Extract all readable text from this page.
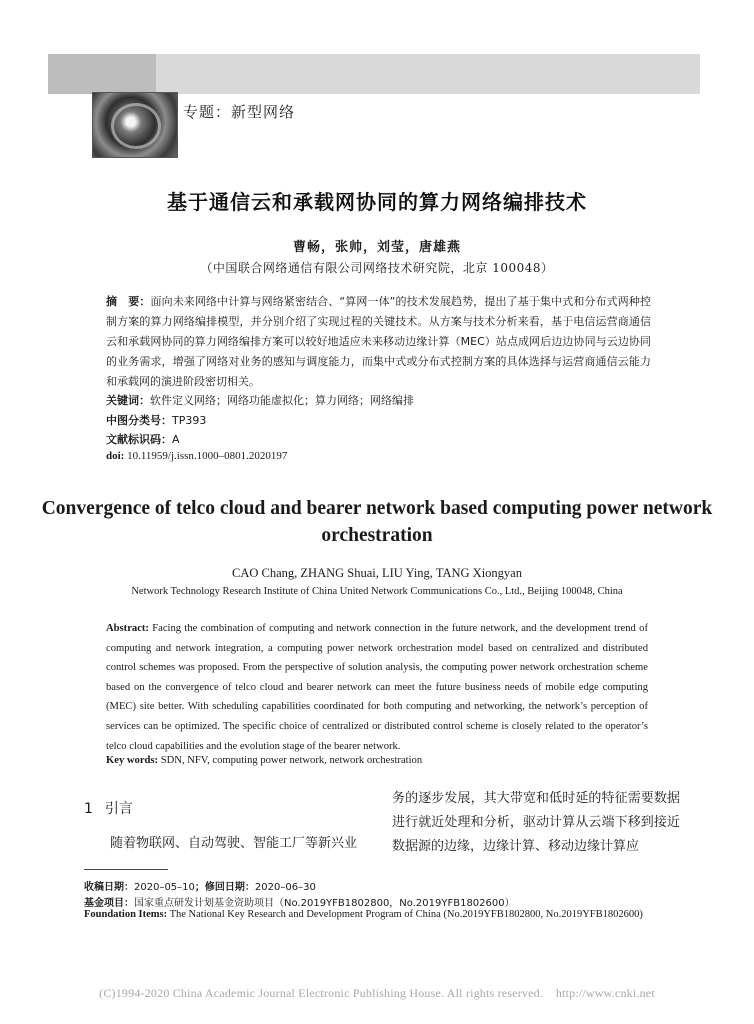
专题：新型网络
基于通信云和承载网协同的算力网络编排技术
曹畅，张帅，刘莹，唐雄燕
（中国联合网络通信有限公司网络技术研究院，北京 100048）
摘　要：面向未来网络中计算与网络紧密结合、“算网一体”的技术发展趋势，提出了基于集中式和分布式两种控制方案的算力网络编排模型，并分别介绍了实现过程的关键技术。从方案与技术分析来看，基于电信运营商通信云和承载网协同的算力网络编排方案可以较好地适应未来移动边缘计算（MEC）站点成网后边边协同与云边协同的业务需求，增强了网络对业务的感知与调度能力，而集中式或分布式控制方案的具体选择与运营商通信云能力和承载网的演进阶段密切相关。
关键词：软件定义网络；网络功能虚拟化；算力网络；网络编排
中图分类号：TP393
文献标识码：A
doi: 10.11959/j.issn.1000–0801.2020197
Convergence of telco cloud and bearer network based computing power network orchestration
CAO Chang, ZHANG Shuai, LIU Ying, TANG Xiongyan
Network Technology Research Institute of China United Network Communications Co., Ltd., Beijing 100048, China
Abstract: Facing the combination of computing and network connection in the future network, and the development trend of computing and network integration, a computing power network orchestration model based on centralized and distributed control schemes was proposed. From the perspective of solution analysis, the computing power network orchestration scheme based on the convergence of telco cloud and bearer network can meet the future business needs of mobile edge computing (MEC) site better. With scheduling capabilities coordinated for both computing and networking, the network’s perception of services can be optimized. The specific choice of centralized or distributed control scheme is closely related to the operator’s telco cloud capabilities and the evolution stage of the bearer network.
Key words: SDN, NFV, computing power network, network orchestration
1 引言
随着物联网、自动驾驶、智能工厂等新兴业
务的逐步发展，其大带宽和低时延的特征需要数据进行就近处理和分析，驱动计算从云端下移到接近数据源的边缘，边缘计算、移动边缘计算应
收稿日期：2020–05–10；修回日期：2020–06–30
基金项目：国家重点研发计划基金资助项目（No.2019YFB1802800，No.2019YFB1802600）
Foundation Items: The National Key Research and Development Program of China (No.2019YFB1802800, No.2019YFB1802600)
(C)1994-2020 China Academic Journal Electronic Publishing House. All rights reserved.    http://www.cnki.net
